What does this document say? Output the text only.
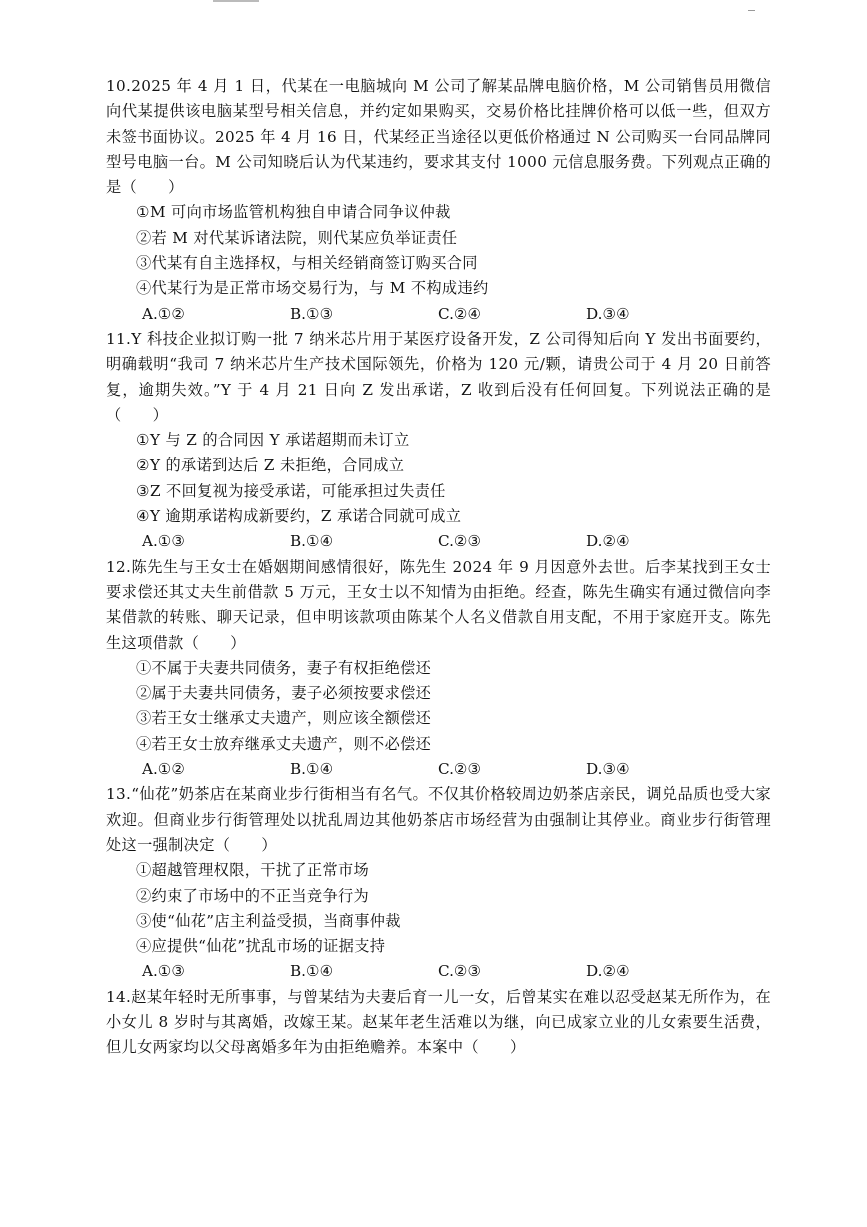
10.2025 年 4 月 1 日，代某在一电脑城向 M 公司了解某品牌电脑价格，M 公司销售员用微信向代某提供该电脑某型号相关信息，并约定如果购买，交易价格比挂牌价格可以低一些，但双方未签书面协议。2025 年 4 月 16 日，代某经正当途径以更低价格通过 N 公司购买一台同品牌同型号电脑一台。M 公司知晓后认为代某违约，要求其支付 1000 元信息服务费。下列观点正确的是（　　）

①M 可向市场监管机构独自申请合同争议仲裁
②若 M 对代某诉诸法院，则代某应负举证责任
③代某有自主选择权，与相关经销商签订购买合同
④代某行为是正常市场交易行为，与 M 不构成违约
A.①②	B.①③	C.②④	D.③④

11.Y 科技企业拟订购一批 7 纳米芯片用于某医疗设备开发，Z 公司得知后向 Y 发出书面要约，明确载明“我司 7 纳米芯片生产技术国际领先，价格为 120 元/颗，请贵公司于 4 月 20 日前答复，逾期失效。”Y 于 4 月 21 日向 Z 发出承诺，Z 收到后没有任何回复。下列说法正确的是（　　）

①Y 与 Z 的合同因 Y 承诺超期而未订立
②Y 的承诺到达后 Z 未拒绝，合同成立
③Z 不回复视为接受承诺，可能承担过失责任
④Y 逾期承诺构成新要约，Z 承诺合同就可成立
A.①③	B.①④	C.②③	D.②④

12.陈先生与王女士在婚姻期间感情很好，陈先生 2024 年 9 月因意外去世。后李某找到王女士要求偿还其丈夫生前借款 5 万元，王女士以不知情为由拒绝。经查，陈先生确实有通过微信向李某借款的转账、聊天记录，但申明该款项由陈某个人名义借款自用支配，不用于家庭开支。陈先生这项借款（　　）

①不属于夫妻共同债务，妻子有权拒绝偿还
②属于夫妻共同债务，妻子必须按要求偿还
③若王女士继承丈夫遗产，则应该全额偿还
④若王女士放弃继承丈夫遗产，则不必偿还
A.①②	B.①④	C.②③	D.③④

13.“仙花”奶茶店在某商业步行街相当有名气。不仅其价格较周边奶茶店亲民，调兑品质也受大家欢迎。但商业步行街管理处以扰乱周边其他奶茶店市场经营为由强制让其停业。商业步行街管理处这一强制决定（　　）

①超越管理权限，干扰了正常市场
②约束了市场中的不正当竞争行为
③使“仙花”店主利益受损，当商事仲裁
④应提供“仙花”扰乱市场的证据支持
A.①③	B.①④	C.②③	D.②④

14.赵某年轻时无所事事，与曾某结为夫妻后育一儿一女，后曾某实在难以忍受赵某无所作为，在小女儿 8 岁时与其离婚，改嫁王某。赵某年老生活难以为继，向已成家立业的儿女索要生活费，但儿女两家均以父母离婚多年为由拒绝赡养。本案中（　　）
